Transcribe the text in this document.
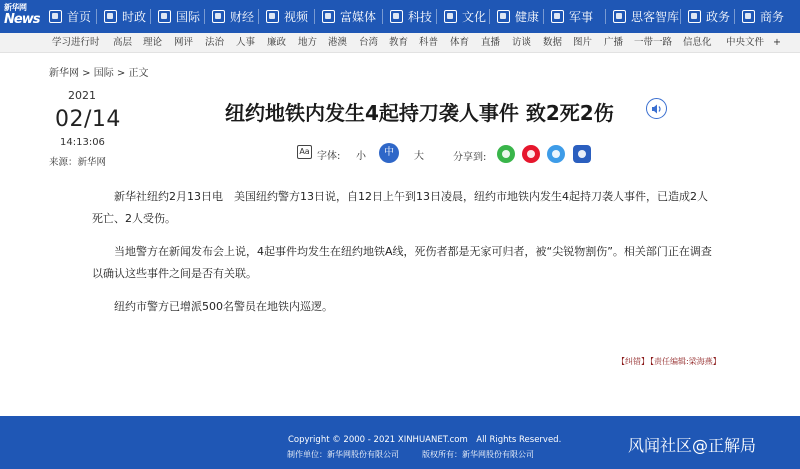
新华网
News 首页	时政 国际 财经 视频	富媒体	科技 文化 健康 军事	思客智库 政务 商务
学习进行时 高层 理论 网评 法治 人事 廉政 地方 港澳 台湾 教育 科普 体育 直播 访谈 数据 图片 广播 一带一路 信息化 中央文件 +
新华网 > 国际 > 正文
2021
02/14
14:13:06
来源：新华网
纽约地铁内发生4起持刀袭人事件 致2死2伤
Aa 字体: 小	中	大	分享到:

新华社纽约2月13日电　美国纽约警方13日说，自12日上午到13日凌晨，纽约市地铁内发生4起持刀袭人事件，已造成2人死亡、2人受伤。

当地警方在新闻发布会上说，4起事件均发生在纽约地铁A线，死伤者都是无家可归者，被“尖锐物割伤”。相关部门正在调查以确认这些事件之间是否有关联。

纽约市警方已增派500名警员在地铁内巡逻。

【纠错】
【责任编辑:梁海燕】
Copyright © 2000 - 2021 XINHUANET.com　All Rights Reserved.
制作单位：新华网股份有限公司	版权所有：新华网股份有限公司	风闻社区@正解局
